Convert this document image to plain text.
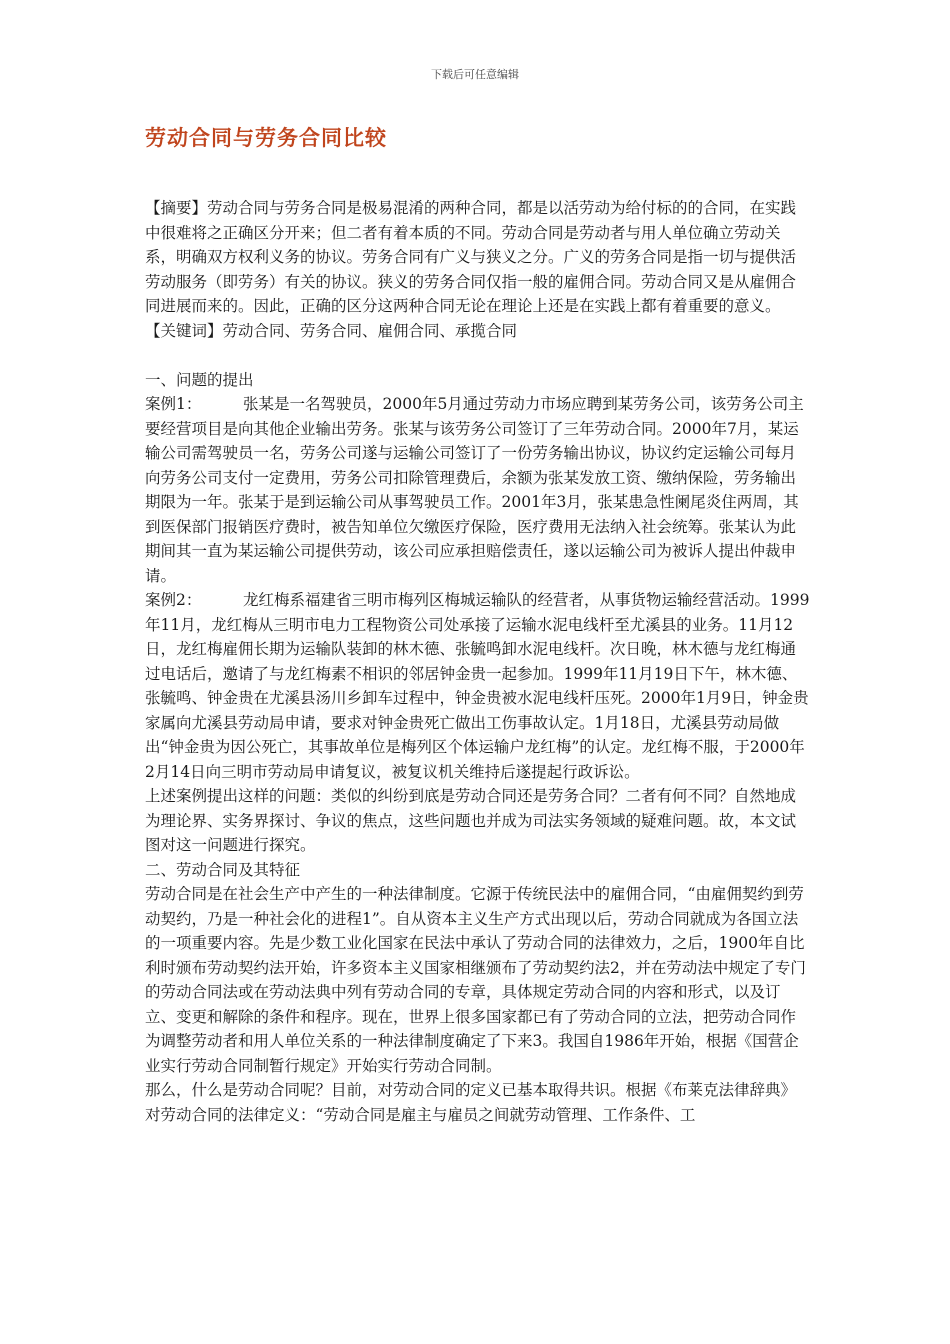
下载后可任意编辑
劳动合同与劳务合同比较

【摘要】劳动合同与劳务合同是极易混淆的两种合同，都是以活劳动为给付标的的合同，在实践中很难将之正确区分开来；但二者有着本质的不同。劳动合同是劳动者与用人单位确立劳动关系，明确双方权利义务的协议。劳务合同有广义与狭义之分。广义的劳务合同是指一切与提供活劳动服务（即劳务）有关的协议。狭义的劳务合同仅指一般的雇佣合同。劳动合同又是从雇佣合同进展而来的。因此，正确的区分这两种合同无论在理论上还是在实践上都有着重要的意义。

【关键词】劳动合同、劳务合同、雇佣合同、承揽合同

一、问题的提出

案例1：	张某是一名驾驶员，2000年5月通过劳动力市场应聘到某劳务公司，该劳务公司主要经营项目是向其他企业输出劳务。张某与该劳务公司签订了三年劳动合同。2000年7月，某运输公司需驾驶员一名，劳务公司遂与运输公司签订了一份劳务输出协议，协议约定运输公司每月向劳务公司支付一定费用，劳务公司扣除管理费后，余额为张某发放工资、缴纳保险，劳务输出期限为一年。张某于是到运输公司从事驾驶员工作。2001年3月，张某患急性阑尾炎住两周，其到医保部门报销医疗费时，被告知单位欠缴医疗保险，医疗费用无法纳入社会统筹。张某认为此期间其一直为某运输公司提供劳动，该公司应承担赔偿责任，遂以运输公司为被诉人提出仲裁申请。

案例2：	龙红梅系福建省三明市梅列区梅城运输队的经营者，从事货物运输经营活动。1999年11月，龙红梅从三明市电力工程物资公司处承接了运输水泥电线杆至尤溪县的业务。11月12日，龙红梅雇佣长期为运输队装卸的林木德、张毓鸣卸水泥电线杆。次日晚，林木德与龙红梅通过电话后，邀请了与龙红梅素不相识的邻居钟金贵一起参加。1999年11月19日下午，林木德、张毓鸣、钟金贵在尤溪县汤川乡卸车过程中，钟金贵被水泥电线杆压死。2000年1月9日，钟金贵家属向尤溪县劳动局申请，要求对钟金贵死亡做出工伤事故认定。1月18日，尤溪县劳动局做出“钟金贵为因公死亡，其事故单位是梅列区个体运输户龙红梅”的认定。龙红梅不服，于2000年2月14日向三明市劳动局申请复议，被复议机关维持后遂提起行政诉讼。

上述案例提出这样的问题：类似的纠纷到底是劳动合同还是劳务合同？二者有何不同？自然地成为理论界、实务界探讨、争议的焦点，这些问题也并成为司法实务领域的疑难问题。故，本文试图对这一问题进行探究。

二、劳动合同及其特征

劳动合同是在社会生产中产生的一种法律制度。它源于传统民法中的雇佣合同，“由雇佣契约到劳动契约，乃是一种社会化的进程1”。自从资本主义生产方式出现以后，劳动合同就成为各国立法的一项重要内容。先是少数工业化国家在民法中承认了劳动合同的法律效力，之后，1900年自比利时颁布劳动契约法开始，许多资本主义国家相继颁布了劳动契约法2，并在劳动法中规定了专门的劳动合同法或在劳动法典中列有劳动合同的专章，具体规定劳动合同的内容和形式，以及订立、变更和解除的条件和程序。现在，世界上很多国家都已有了劳动合同的立法，把劳动合同作为调整劳动者和用人单位关系的一种法律制度确定了下来3。我国自1986年开始，根据《国营企业实行劳动合同制暂行规定》开始实行劳动合同制。

那么，什么是劳动合同呢？目前，对劳动合同的定义已基本取得共识。根据《布莱克法律辞典》对劳动合同的法律定义：“劳动合同是雇主与雇员之间就劳动管理、工作条件、工
